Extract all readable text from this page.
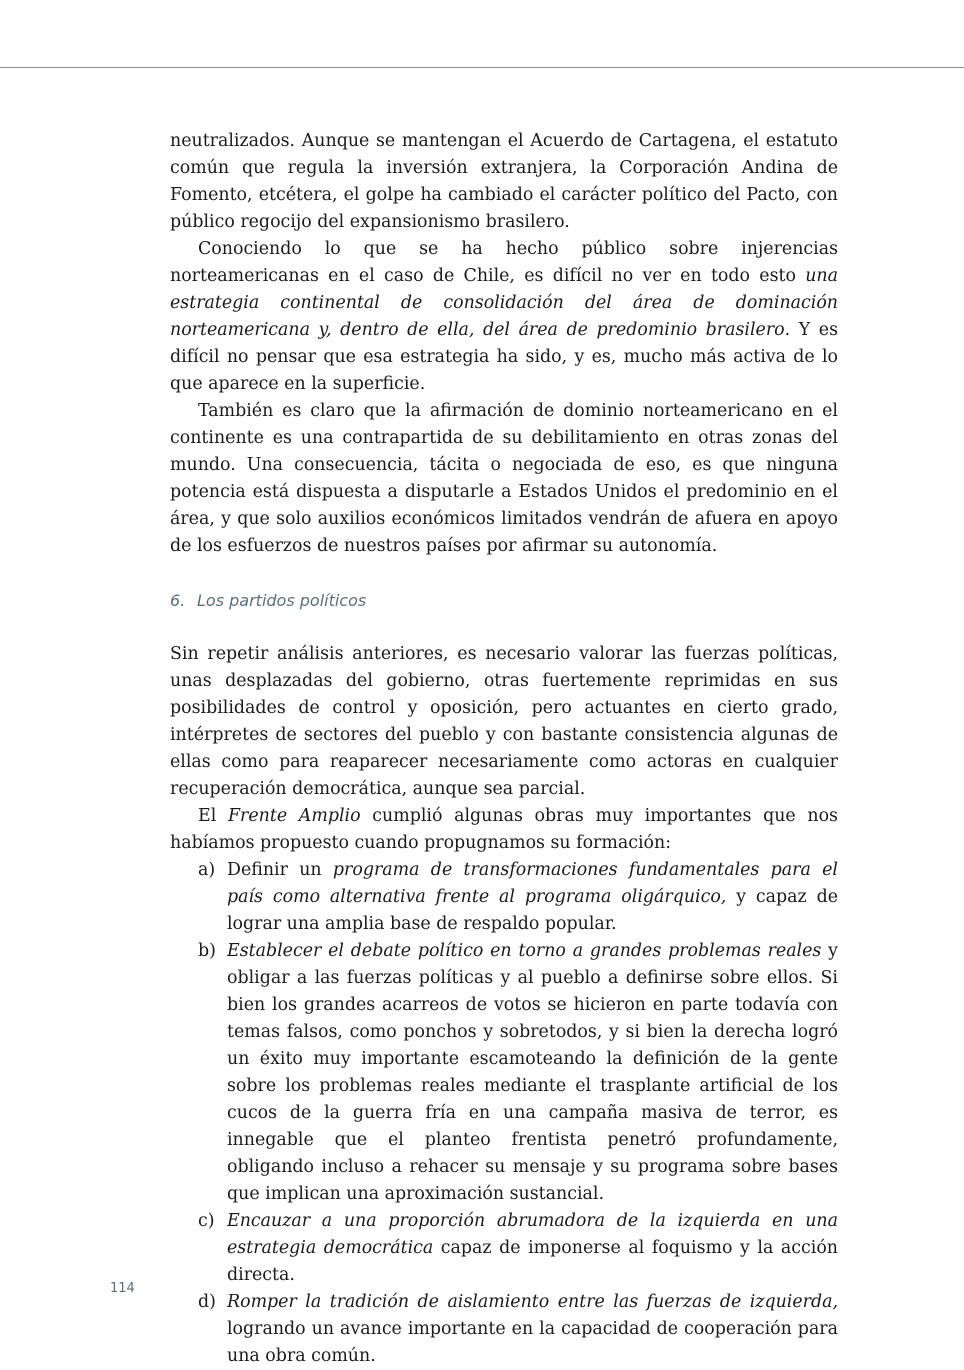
neutralizados. Aunque se mantengan el Acuerdo de Cartagena, el estatuto común que regula la inversión extranjera, la Corporación Andina de Fomento, etcétera, el golpe ha cambiado el carácter político del Pacto, con público regocijo del expansionismo brasilero.

Conociendo lo que se ha hecho público sobre injerencias norteamericanas en el caso de Chile, es difícil no ver en todo esto una estrategia continental de consolidación del área de dominación norteamericana y, dentro de ella, del área de predominio brasilero. Y es difícil no pensar que esa estrategia ha sido, y es, mucho más activa de lo que aparece en la superficie.

También es claro que la afirmación de dominio norteamericano en el continente es una contrapartida de su debilitamiento en otras zonas del mundo. Una consecuencia, tácita o negociada de eso, es que ninguna potencia está dispuesta a disputarle a Estados Unidos el predominio en el área, y que solo auxilios económicos limitados vendrán de afuera en apoyo de los esfuerzos de nuestros países por afirmar su autonomía.

6. Los partidos políticos

Sin repetir análisis anteriores, es necesario valorar las fuerzas políticas, unas desplazadas del gobierno, otras fuertemente reprimidas en sus posibilidades de control y oposición, pero actuantes en cierto grado, intérpretes de sectores del pueblo y con bastante consistencia algunas de ellas como para reaparecer necesariamente como actoras en cualquier recuperación democrática, aunque sea parcial.

El Frente Amplio cumplió algunas obras muy importantes que nos habíamos propuesto cuando propugnamos su formación:

a) Definir un programa de transformaciones fundamentales para el país como alternativa frente al programa oligárquico, y capaz de lograr una amplia base de respaldo popular.
b) Establecer el debate político en torno a grandes problemas reales y obligar a las fuerzas políticas y al pueblo a definirse sobre ellos. Si bien los grandes acarreos de votos se hicieron en parte todavía con temas falsos, como ponchos y sobretodos, y si bien la derecha logró un éxito muy importante escamoteando la definición de la gente sobre los problemas reales mediante el trasplante artificial de los cucos de la guerra fría en una campaña masiva de terror, es innegable que el planteo frentista penetró profundamente, obligando incluso a rehacer su mensaje y su programa sobre bases que implican una aproximación sustancial.
c) Encauzar a una proporción abrumadora de la izquierda en una estrategia democrática capaz de imponerse al foquismo y la acción directa.
d) Romper la tradición de aislamiento entre las fuerzas de izquierda, logrando un avance importante en la capacidad de cooperación para una obra común.
114
